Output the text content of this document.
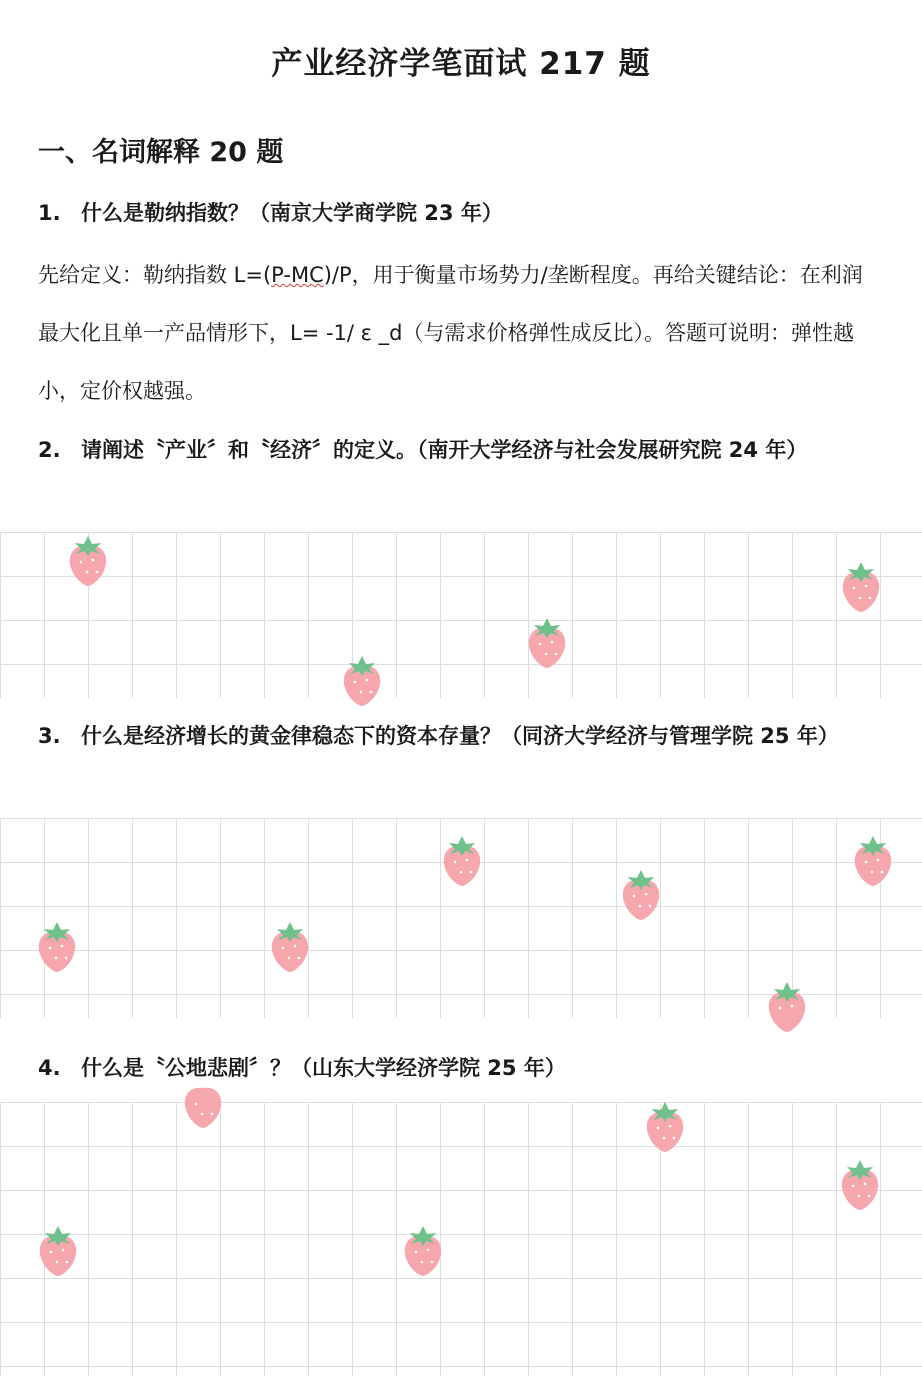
产业经济学笔面试 217 题
一、名词解释 20 题
1. 什么是勒纳指数？（南京大学商学院 23 年）

先给定义：勒纳指数 L=(P-MC)/P，用于衡量市场势力/垄断程度。再给关键结论：在利润最大化且单一产品情形下，L= -1/ ε _d（与需求价格弹性成反比）。答题可说明：弹性越小，定价权越强。

2. 请阐述〝产业〞和〝经济〞的定义。（南开大学经济与社会发展研究院 24 年）
3. 什么是经济增长的黄金律稳态下的资本存量？（同济大学经济与管理学院 25 年）
4. 什么是〝公地悲剧〞？（山东大学经济学院 25 年）
